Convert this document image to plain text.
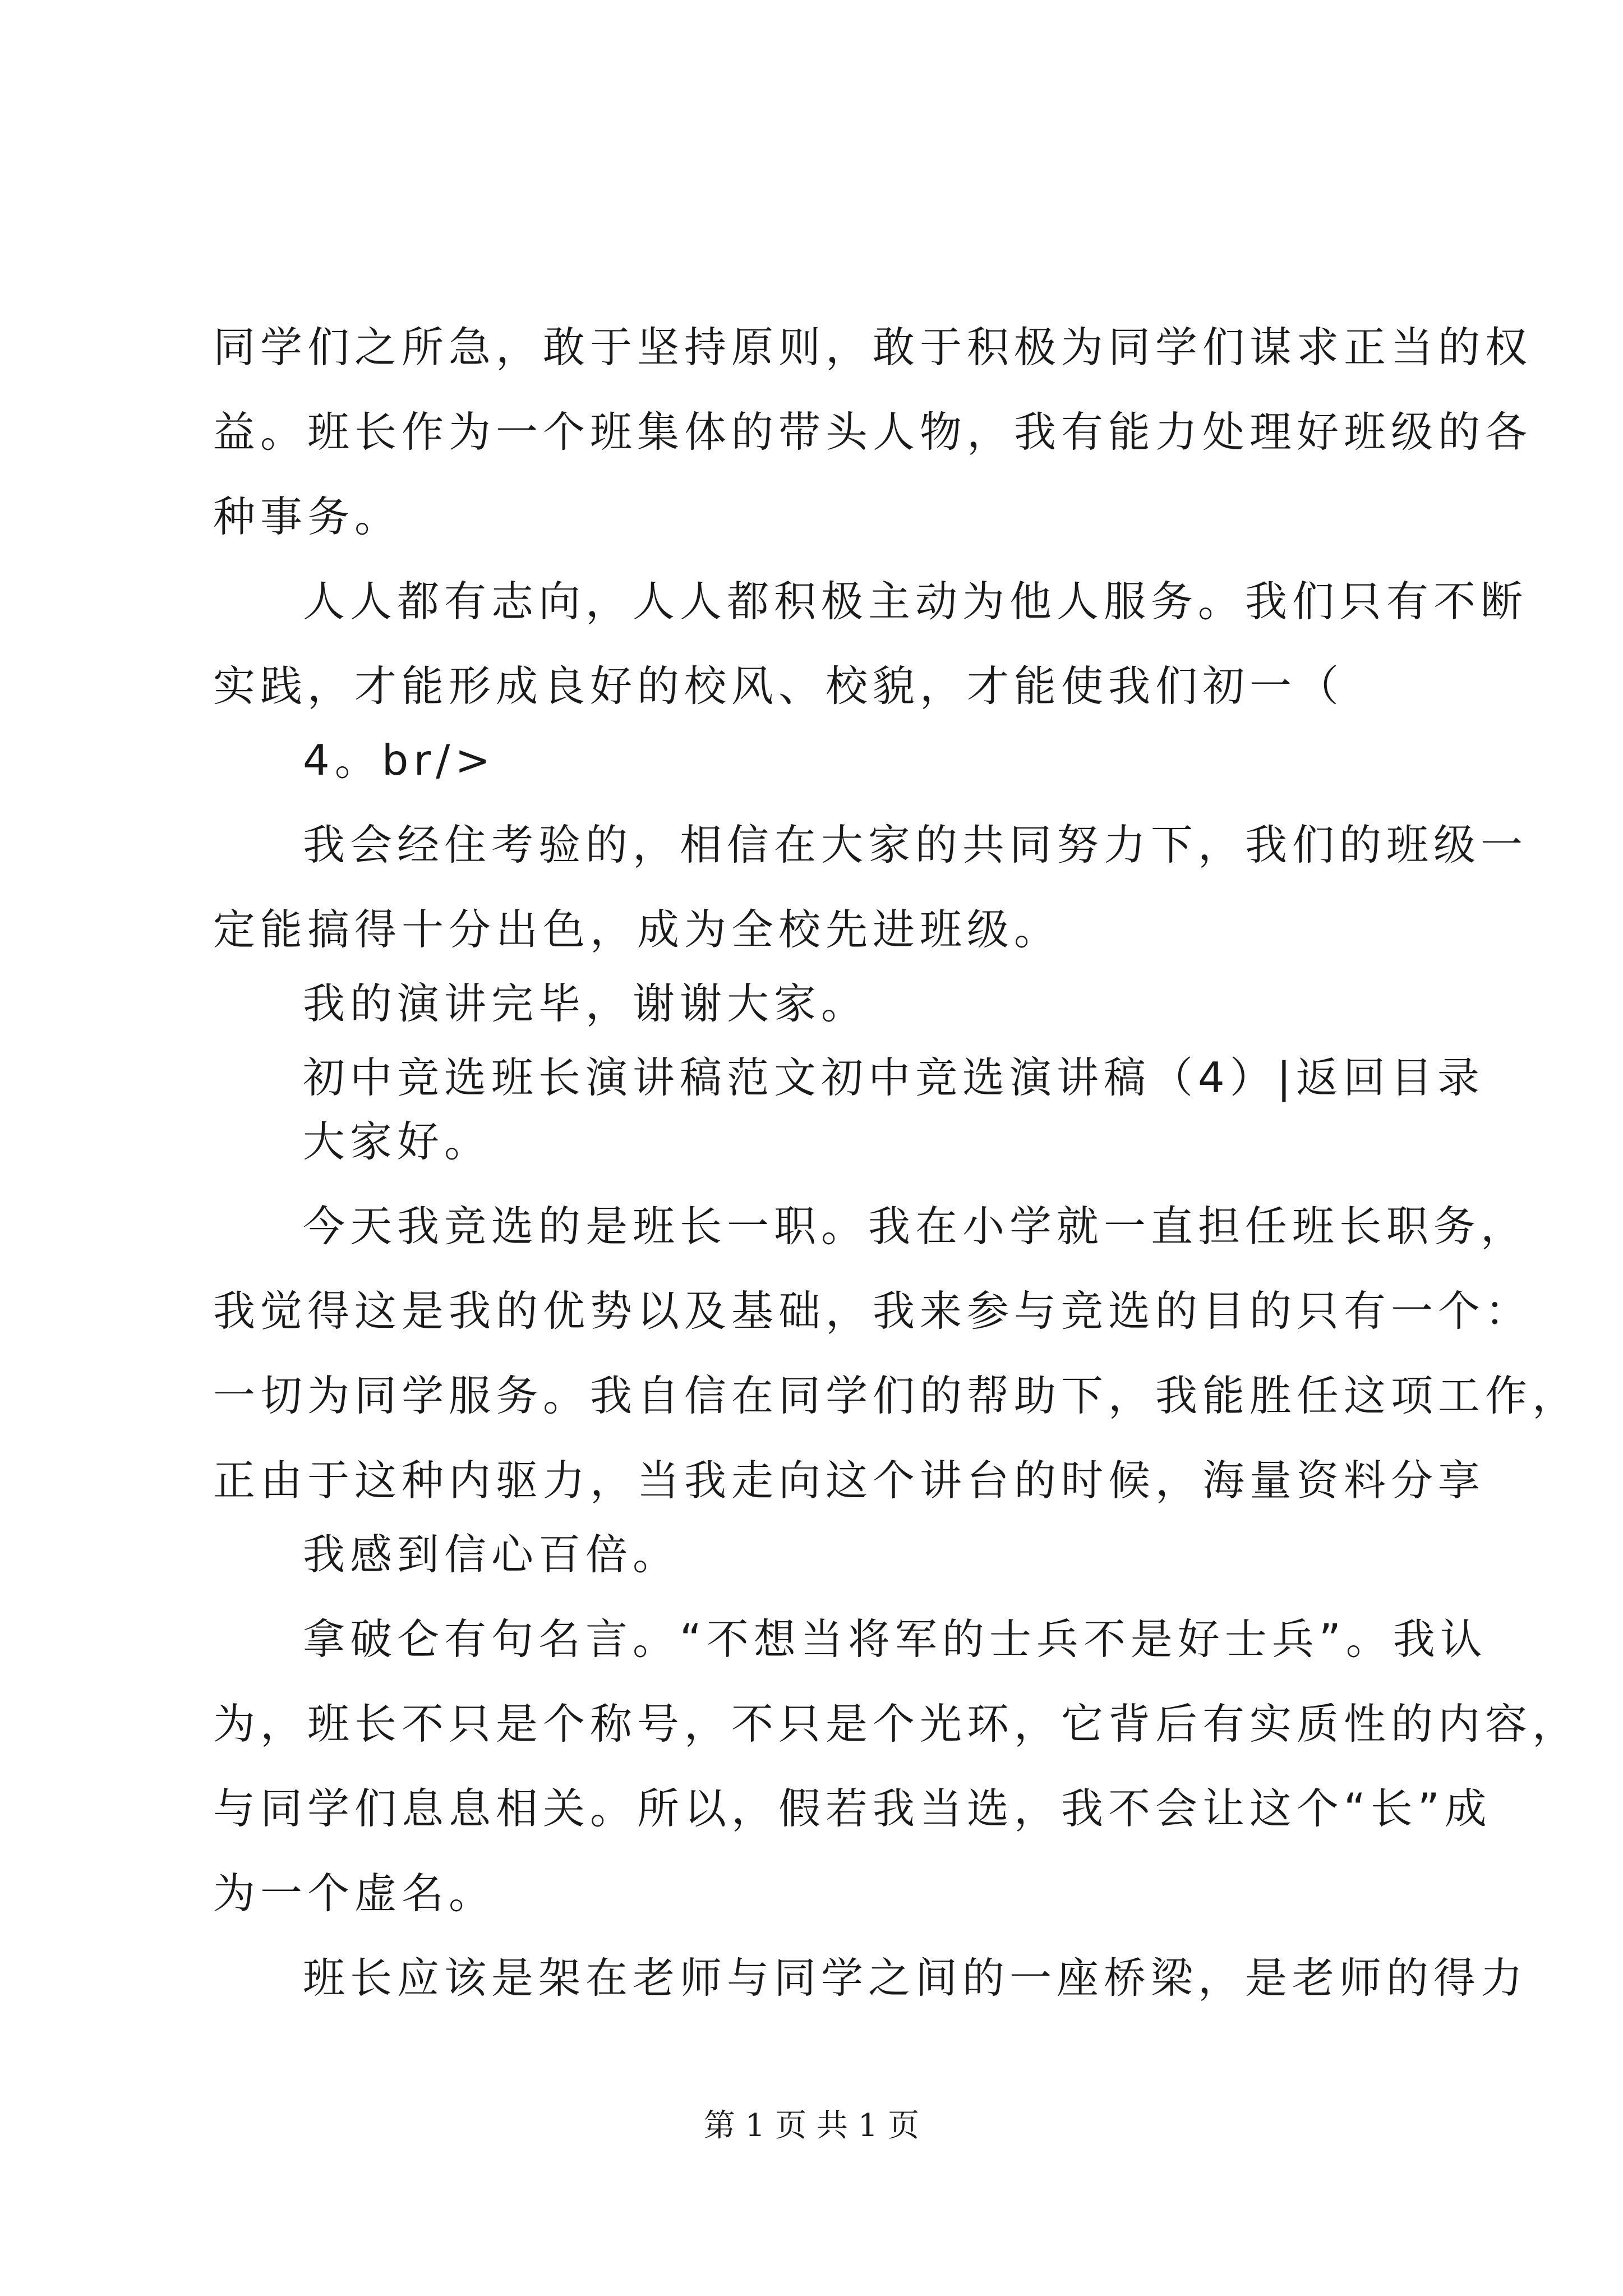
同学们之所急，敢于坚持原则，敢于积极为同学们谋求正当的权
益。班长作为一个班集体的带头人物，我有能力处理好班级的各
种事务。
人人都有志向，人人都积极主动为他人服务。我们只有不断
实践，才能形成良好的校风、校貌，才能使我们初一（
4。br/>
我会经住考验的，相信在大家的共同努力下，我们的班级一
定能搞得十分出色，成为全校先进班级。
我的演讲完毕，谢谢大家。
初中竞选班长演讲稿范文初中竞选演讲稿（4）|返回目录
大家好。
今天我竞选的是班长一职。我在小学就一直担任班长职务，
我觉得这是我的优势以及基础，我来参与竞选的目的只有一个：
一切为同学服务。我自信在同学们的帮助下，我能胜任这项工作，
正由于这种内驱力，当我走向这个讲台的时候，海量资料分享
我感到信心百倍。
拿破仑有句名言。“不想当将军的士兵不是好士兵”。我认
为，班长不只是个称号，不只是个光环，它背后有实质性的内容，
与同学们息息相关。所以，假若我当选，我不会让这个“长”成
为一个虚名。
班长应该是架在老师与同学之间的一座桥梁，是老师的得力
第 1 页 共 1 页
